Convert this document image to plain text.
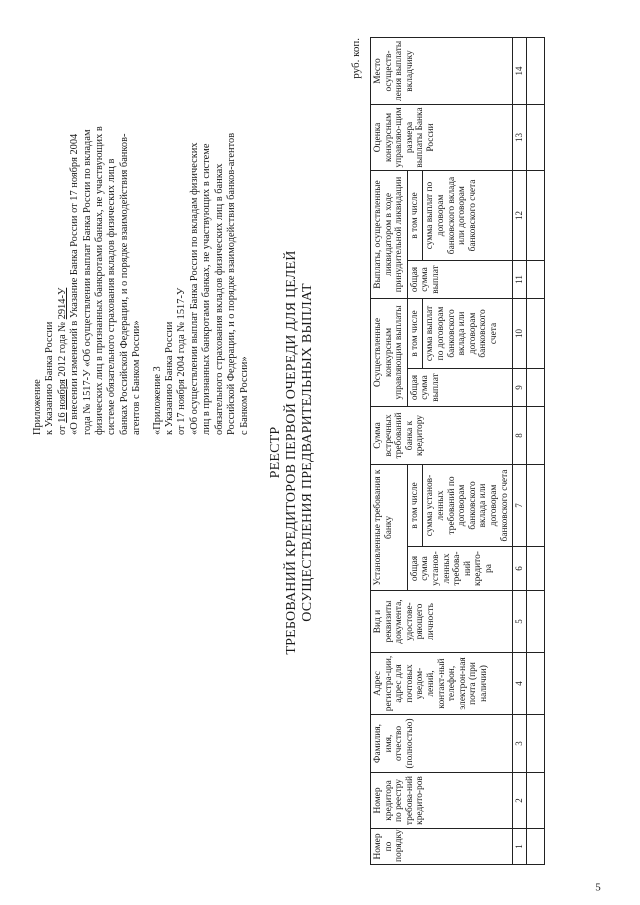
Приложение к Указанию Банка России от 16 ноября 2012 года № 2914-У «О внесении изменений в Указание Банка России от 17 ноября 2004 года № 1517-У «Об осуществлении выплат Банка России по вкладам физических лиц в признанных банкротами банках, не участвующих в системе обязательного страхования вкладов физических лиц в банках Российской Федерации, и о порядке взаимодействия банков- агентов с Банком России» «Приложение 3 к Указанию Банка России от 17 ноября 2004 года № 1517-У «Об осуществлении выплат Банка России по вкладам физических лиц в признанных банкротами банках, не участвующих в системе обязательного страхования вкладов физических лиц в банках Российской Федерации, и о порядке взаимодействия банков-агентов с Банком России»
РЕЕСТР ТРЕБОВАНИЙ КРЕДИТОРОВ ПЕРВОЙ ОЧЕРЕДИ ДЛЯ ЦЕЛЕЙ ОСУЩЕСТВЛЕНИЯ ПРЕДВАРИТЕЛЬНЫХ ВЫПЛАТ
руб. коп.
Номер по порядку	Номер кредитора по реестру требова-ний кредито-ров	Фамилия, имя, отчество (полностью)	Адрес регистра-ции, адрес для почтовых уведом-лений, контакт-ный телефон, электрон-ная почта (при наличии)	Вид и реквизиты документа, удостове-ряющего личность	Установленные требования к банку		Сумма встречных требований банка к кредитору	Осуществленные конкурсным управляющим выплаты		Выплаты, осуществленные ликвидатором в ходе принудительной ликвидации		Оценка конкурсным управляю-щим размера выплаты Банка России	Место осуществ-ления выплаты вкладчику
					общая сумма установ-ленных требова-ний кредито-ра	в том числе		общая сумма выплат	в том числе	общая сумма выплат	в том числе		
						сумма установ-ленных требований по договорам банковского вклада или договорам банковского счета			сумма выплат по договорам банковского вклада или договорам банковского счета		сумма выплат по договорам банковского вклада или договорам банковского счета		
1	2	3	4	5	6	7	8	9	10	11	12	13	14

5
